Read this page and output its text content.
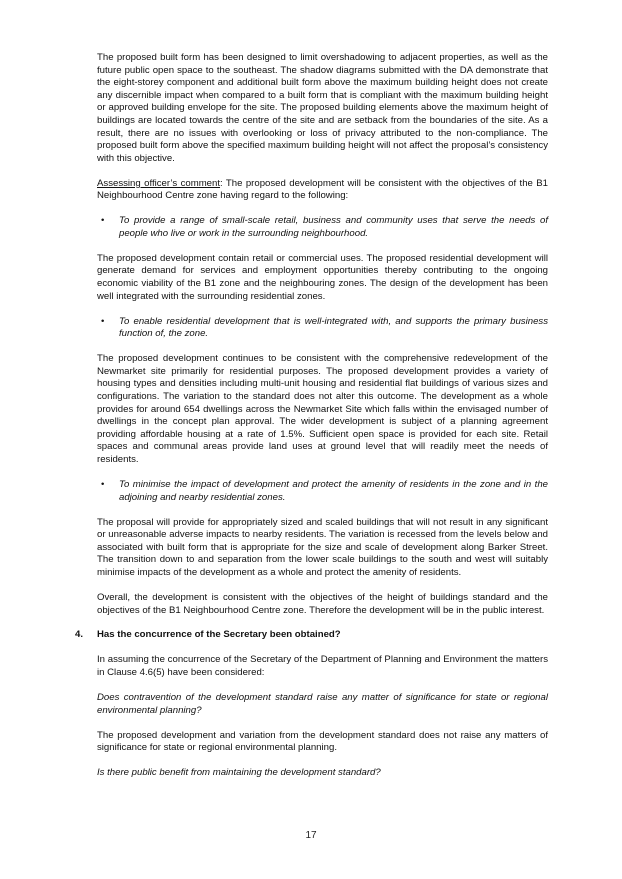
The proposed built form has been designed to limit overshadowing to adjacent properties, as well as the future public open space to the southeast. The shadow diagrams submitted with the DA demonstrate that the eight-storey component and additional built form above the maximum building height does not create any discernible impact when compared to a built form that is compliant with the maximum building height or approved building envelope for the site. The proposed building elements above the maximum height of buildings are located towards the centre of the site and are setback from the boundaries of the site. As a result, there are no issues with overlooking or loss of privacy attributed to the non-compliance. The proposed built form above the specified maximum building height will not affect the proposal’s consistency with this objective.

Assessing officer’s comment: The proposed development will be consistent with the objectives of the B1 Neighbourhood Centre zone having regard to the following:

• To provide a range of small-scale retail, business and community uses that serve the needs of people who live or work in the surrounding neighbourhood.

The proposed development contain retail or commercial uses. The proposed residential development will generate demand for services and employment opportunities thereby contributing to the ongoing economic viability of the B1 zone and the neighbouring zones. The design of the development has been well integrated with the surrounding residential zones.

• To enable residential development that is well-integrated with, and supports the primary business function of, the zone.

The proposed development continues to be consistent with the comprehensive redevelopment of the Newmarket site primarily for residential purposes. The proposed development provides a variety of housing types and densities including multi-unit housing and residential flat buildings of various sizes and configurations. The variation to the standard does not alter this outcome. The development as a whole provides for around 654 dwellings across the Newmarket Site which falls within the envisaged number of dwellings in the concept plan approval. The wider development is subject of a planning agreement providing affordable housing at a rate of 1.5%. Sufficient open space is provided for each site. Retail spaces and communal areas provide land uses at ground level that will readily meet the needs of residents.

• To minimise the impact of development and protect the amenity of residents in the zone and in the adjoining and nearby residential zones.

The proposal will provide for appropriately sized and scaled buildings that will not result in any significant or unreasonable adverse impacts to nearby residents. The variation is recessed from the levels below and associated with built form that is appropriate for the size and scale of development along Barker Street. The transition down to and separation from the lower scale buildings to the south and west will suitably minimise impacts of the development as a whole and protect the amenity of residents.

Overall, the development is consistent with the objectives of the height of buildings standard and the objectives of the B1 Neighbourhood Centre zone. Therefore the development will be in the public interest.

4. Has the concurrence of the Secretary been obtained?

In assuming the concurrence of the Secretary of the Department of Planning and Environment the matters in Clause 4.6(5) have been considered:

Does contravention of the development standard raise any matter of significance for state or regional environmental planning?

The proposed development and variation from the development standard does not raise any matters of significance for state or regional environmental planning.

Is there public benefit from maintaining the development standard?

17
